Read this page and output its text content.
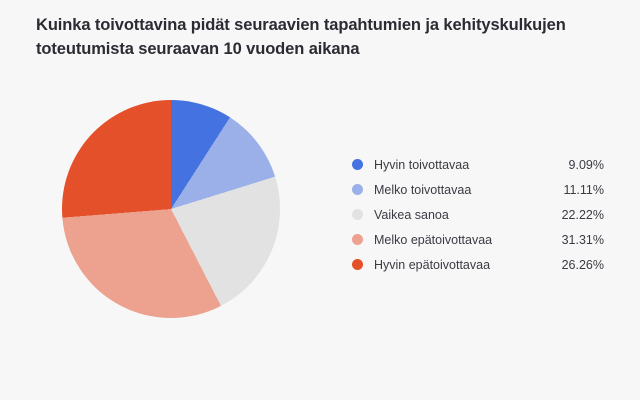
Kuinka toivottavina pidät seuraavien tapahtumien ja kehityskulkujen toteutumista seuraavan 10 vuoden aikana
Hyvin toivottavaa	9.09%
Melko toivottavaa	11.11%
Vaikea sanoa	22.22%
Melko epätoivottavaa	31.31%
Hyvin epätoivottavaa	26.26%
